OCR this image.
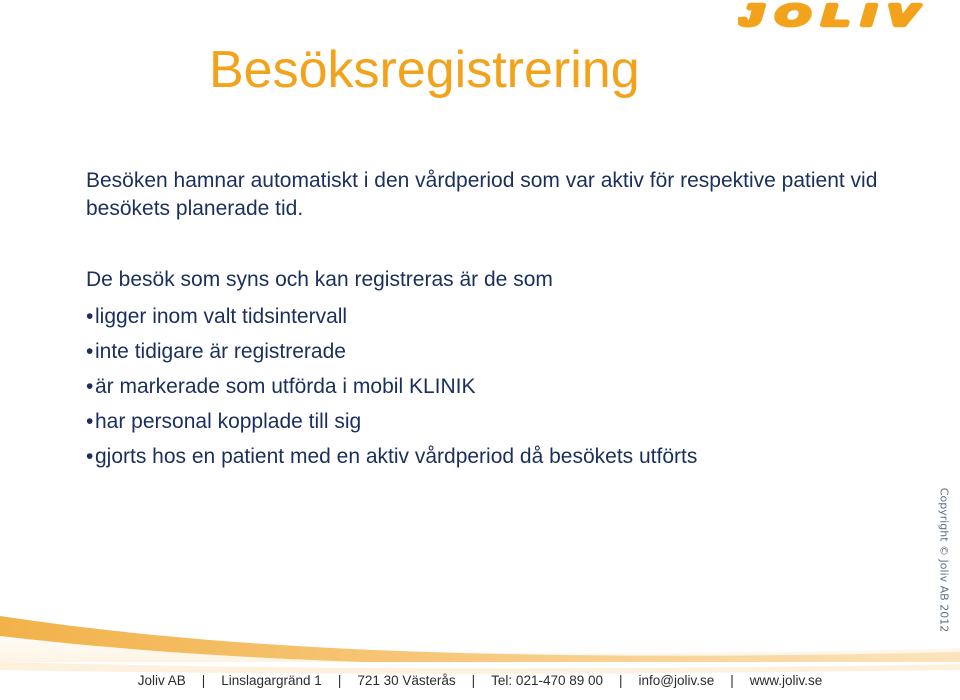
JOLIV
Besöksregistrering
Besöken hamnar automatiskt i den vårdperiod som var aktiv för respektive patient vid besökets planerade tid.
De besök som syns och kan registreras är de som
•ligger inom valt tidsintervall
•inte tidigare är registrerade
•är markerade som utförda i mobil KLINIK
•har personal kopplade till sig
•gjorts hos en patient med en aktiv vårdperiod då besökets utförts
Copyright © Joliv AB 2012
Joliv AB	|	Linslagargränd 1	|	721 30 Västerås	|	Tel: 021-470 89 00	|	info@joliv.se	|	www.joliv.se
